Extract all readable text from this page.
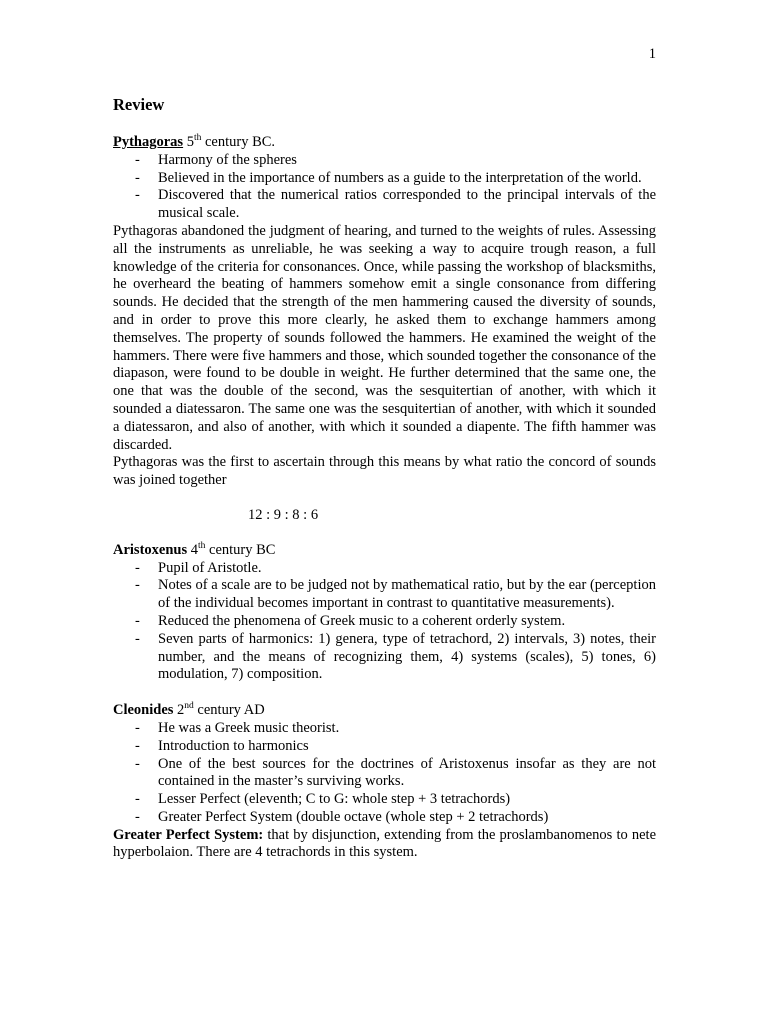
1
Review
Pythagoras 5th century BC.
- Harmony of the spheres
- Believed in the importance of numbers as a guide to the interpretation of the world.
- Discovered that the numerical ratios corresponded to the principal intervals of the musical scale.

Pythagoras abandoned the judgment of hearing, and turned to the weights of rules. Assessing all the instruments as unreliable, he was seeking a way to acquire trough reason, a full knowledge of the criteria for consonances. Once, while passing the workshop of blacksmiths, he overheard the beating of hammers somehow emit a single consonance from differing sounds. He decided that the strength of the men hammering caused the diversity of sounds, and in order to prove this more clearly, he asked them to exchange hammers among themselves. The property of sounds followed the hammers. He examined the weight of the hammers. There were five hammers and those, which sounded together the consonance of the diapason, were found to be double in weight. He further determined that the same one, the one that was the double of the second, was the sesquitertian of another, with which it sounded a diatessaron. The same one was the sesquitertian of another, with which it sounded a diatessaron, and also of another, with which it sounded a diapente. The fifth hammer was discarded.

Pythagoras was the first to ascertain through this means by what ratio the concord of sounds was joined together

12 : 9 : 8 : 6
Aristoxenus 4th century BC
- Pupil of Aristotle.
- Notes of a scale are to be judged not by mathematical ratio, but by the ear (perception of the individual becomes important in contrast to quantitative measurements).
- Reduced the phenomena of Greek music to a coherent orderly system.
- Seven parts of harmonics: 1) genera, type of tetrachord, 2) intervals, 3) notes, their number, and the means of recognizing them, 4) systems (scales), 5) tones, 6) modulation, 7) composition.
Cleonides 2nd century AD
- He was a Greek music theorist.
- Introduction to harmonics
- One of the best sources for the doctrines of Aristoxenus insofar as they are not contained in the master’s surviving works.
- Lesser Perfect (eleventh; C to G: whole step + 3 tetrachords)
- Greater Perfect System (double octave (whole step + 2 tetrachords)

Greater Perfect System: that by disjunction, extending from the proslambanomenos to nete hyperbolaion. There are 4 tetrachords in this system.
